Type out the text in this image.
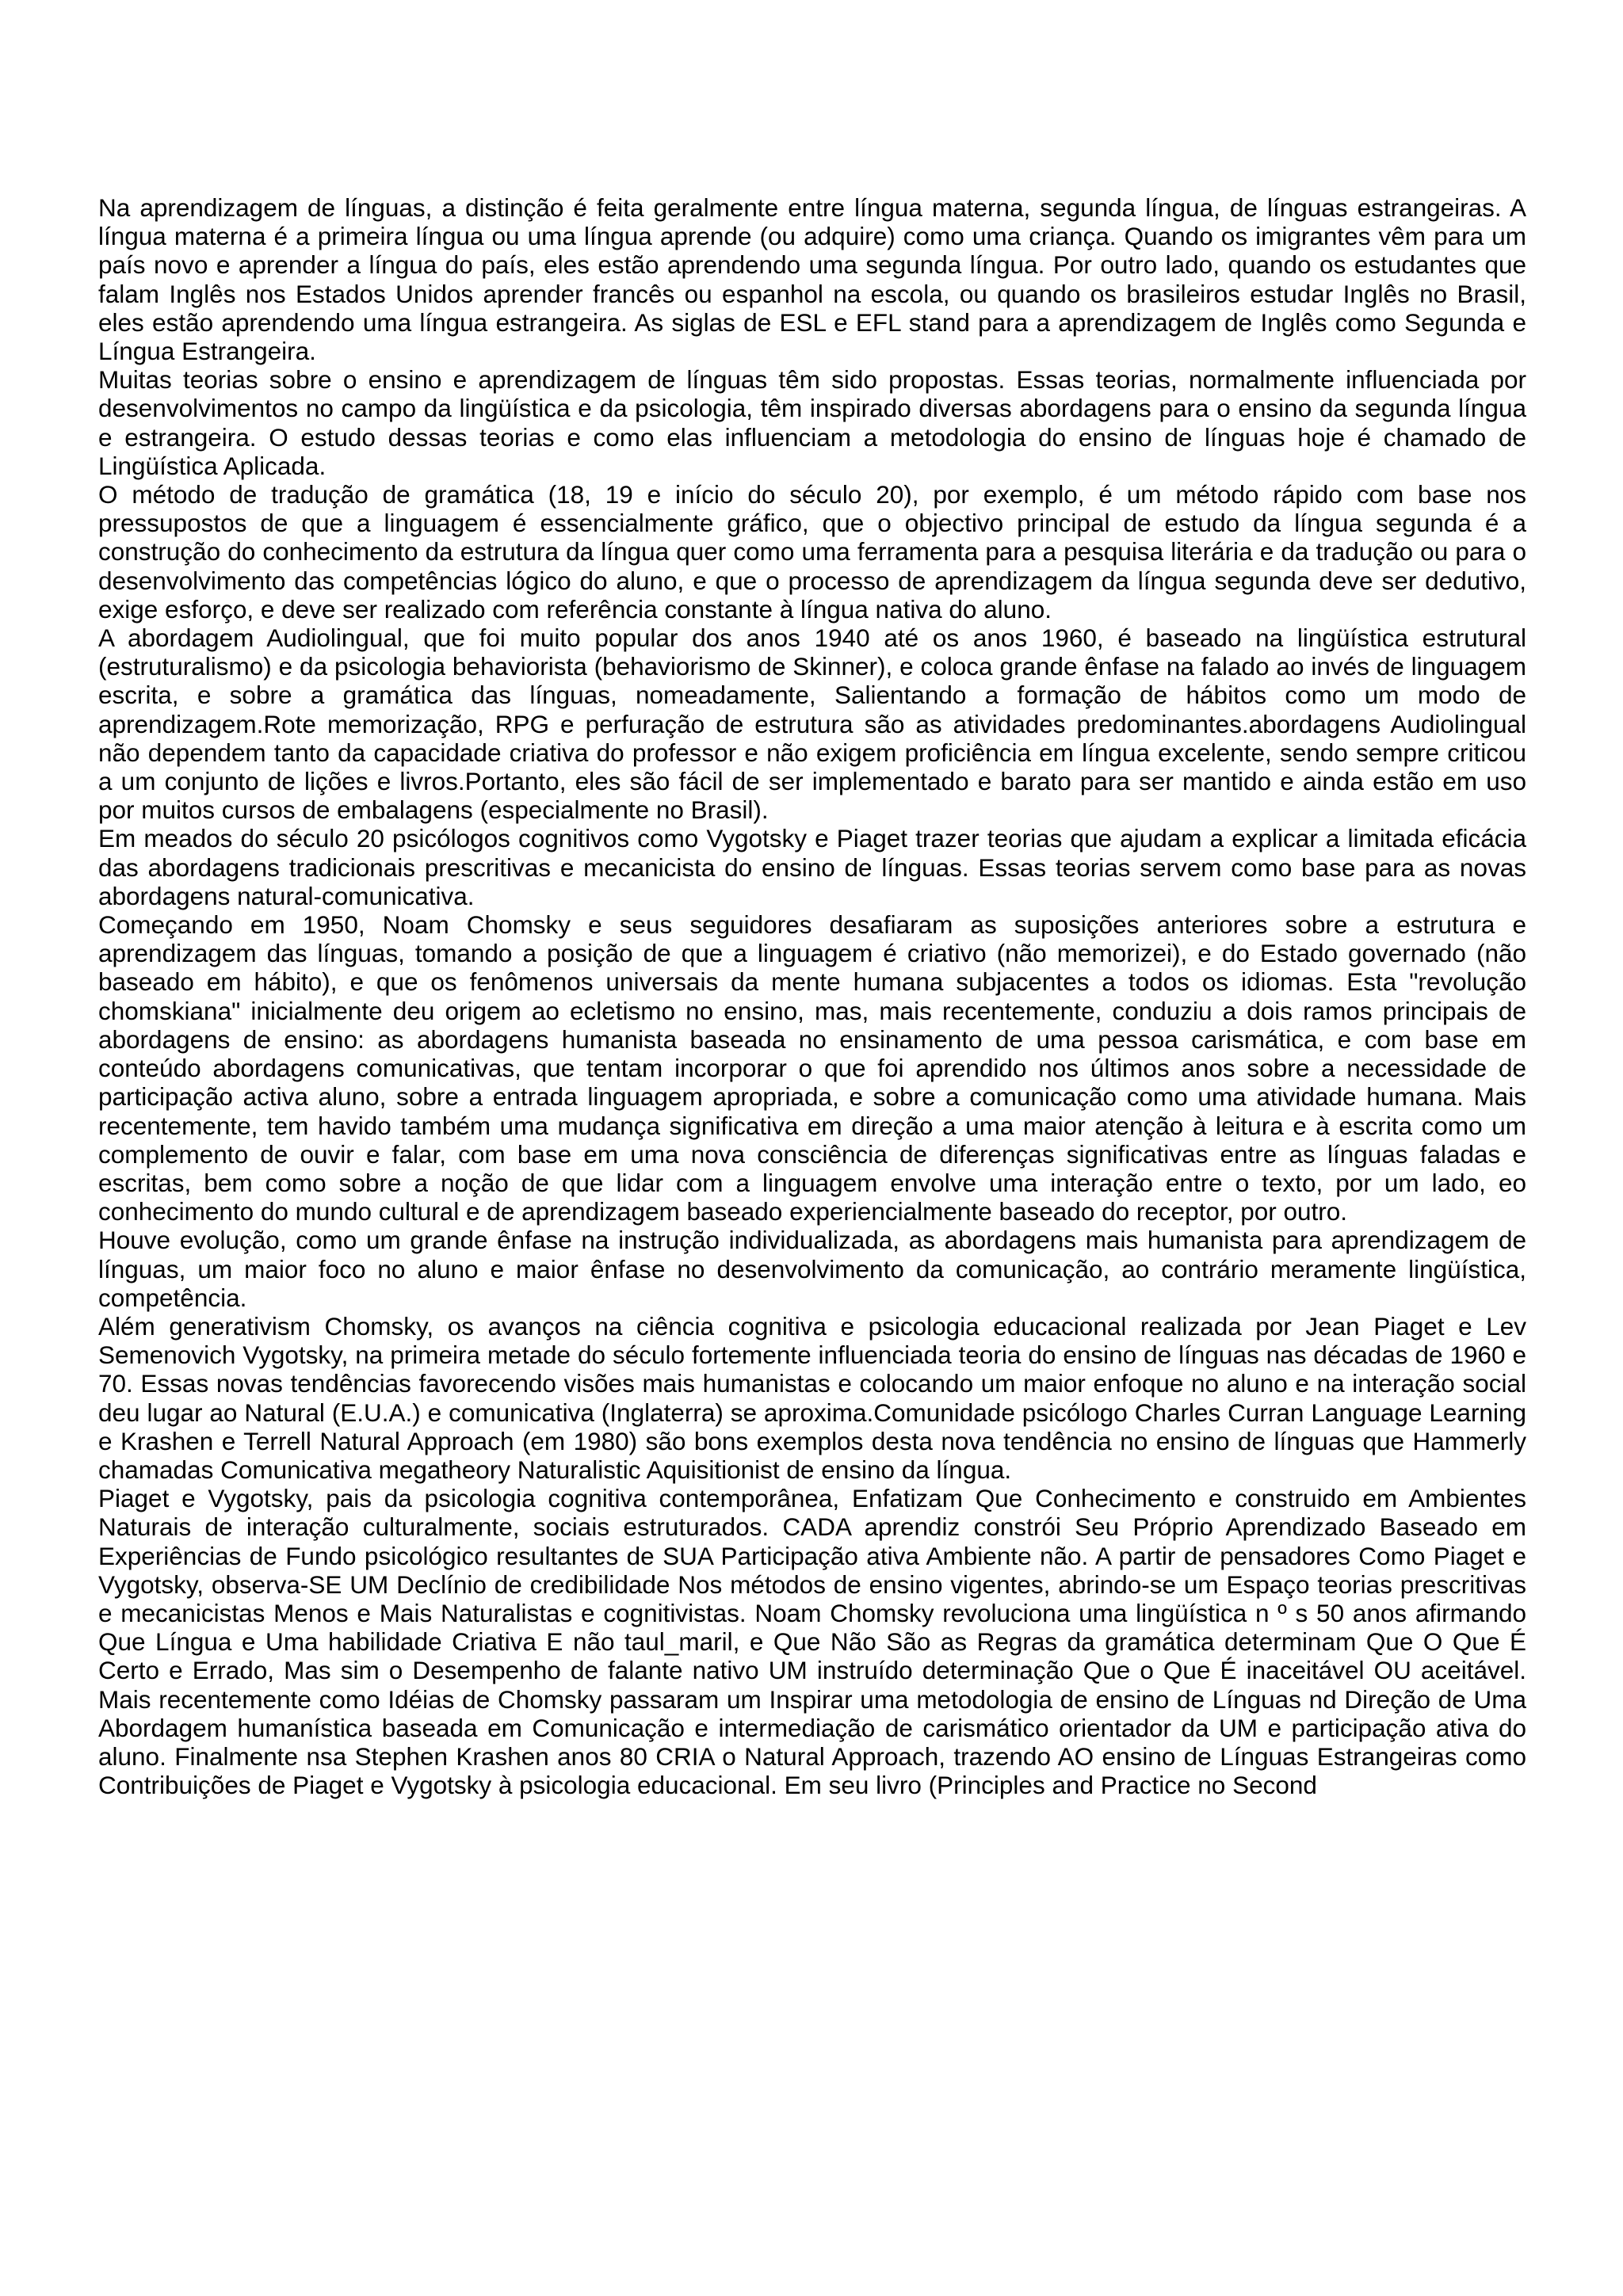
Na aprendizagem de línguas, a distinção é feita geralmente entre língua materna, segunda língua, de línguas estrangeiras. A língua materna é a primeira língua ou uma língua aprende (ou adquire) como uma criança. Quando os imigrantes vêm para um país novo e aprender a língua do país, eles estão aprendendo uma segunda língua. Por outro lado, quando os estudantes que falam Inglês nos Estados Unidos aprender francês ou espanhol na escola, ou quando os brasileiros estudar Inglês no Brasil, eles estão aprendendo uma língua estrangeira. As siglas de ESL e EFL stand para a aprendizagem de Inglês como Segunda e Língua Estrangeira.

Muitas teorias sobre o ensino e aprendizagem de línguas têm sido propostas. Essas teorias, normalmente influenciada por desenvolvimentos no campo da lingüística e da psicologia, têm inspirado diversas abordagens para o ensino da segunda língua e estrangeira. O estudo dessas teorias e como elas influenciam a metodologia do ensino de línguas hoje é chamado de Lingüística Aplicada.

O método de tradução de gramática (18, 19 e início do século 20), por exemplo, é um método rápido com base nos pressupostos de que a linguagem é essencialmente gráfico, que o objectivo principal de estudo da língua segunda é a construção do conhecimento da estrutura da língua quer como uma ferramenta para a pesquisa literária e da tradução ou para o desenvolvimento das competências lógico do aluno, e que o processo de aprendizagem da língua segunda deve ser dedutivo, exige esforço, e deve ser realizado com referência constante à língua nativa do aluno.

A abordagem Audiolingual, que foi muito popular dos anos 1940 até os anos 1960, é baseado na lingüística estrutural (estruturalismo) e da psicologia behaviorista (behaviorismo de Skinner), e coloca grande ênfase na falado ao invés de linguagem escrita, e sobre a gramática das línguas, nomeadamente, Salientando a formação de hábitos como um modo de aprendizagem.Rote memorização, RPG e perfuração de estrutura são as atividades predominantes.abordagens Audiolingual não dependem tanto da capacidade criativa do professor e não exigem proficiência em língua excelente, sendo sempre criticou a um conjunto de lições e livros.Portanto, eles são fácil de ser implementado e barato para ser mantido e ainda estão em uso por muitos cursos de embalagens (especialmente no Brasil).

Em meados do século 20 psicólogos cognitivos como Vygotsky e Piaget trazer teorias que ajudam a explicar a limitada eficácia das abordagens tradicionais prescritivas e mecanicista do ensino de línguas. Essas teorias servem como base para as novas abordagens natural-comunicativa.

Começando em 1950, Noam Chomsky e seus seguidores desafiaram as suposições anteriores sobre a estrutura e aprendizagem das línguas, tomando a posição de que a linguagem é criativo (não memorizei), e do Estado governado (não baseado em hábito), e que os fenômenos universais da mente humana subjacentes a todos os idiomas. Esta "revolução chomskiana" inicialmente deu origem ao ecletismo no ensino, mas, mais recentemente, conduziu a dois ramos principais de abordagens de ensino: as abordagens humanista baseada no ensinamento de uma pessoa carismática, e com base em conteúdo abordagens comunicativas, que tentam incorporar o que foi aprendido nos últimos anos sobre a necessidade de participação activa aluno, sobre a entrada linguagem apropriada, e sobre a comunicação como uma atividade humana. Mais recentemente, tem havido também uma mudança significativa em direção a uma maior atenção à leitura e à escrita como um complemento de ouvir e falar, com base em uma nova consciência de diferenças significativas entre as línguas faladas e escritas, bem como sobre a noção de que lidar com a linguagem envolve uma interação entre o texto, por um lado, eo conhecimento do mundo cultural e de aprendizagem baseado experiencialmente baseado do receptor, por outro.

Houve evolução, como um grande ênfase na instrução individualizada, as abordagens mais humanista para aprendizagem de línguas, um maior foco no aluno e maior ênfase no desenvolvimento da comunicação, ao contrário meramente lingüística, competência.

Além generativism Chomsky, os avanços na ciência cognitiva e psicologia educacional realizada por Jean Piaget e Lev Semenovich Vygotsky, na primeira metade do século fortemente influenciada teoria do ensino de línguas nas décadas de 1960 e 70. Essas novas tendências favorecendo visões mais humanistas e colocando um maior enfoque no aluno e na interação social deu lugar ao Natural (E.U.A.) e comunicativa (Inglaterra) se aproxima.Comunidade psicólogo Charles Curran Language Learning e Krashen e Terrell Natural Approach (em 1980) são bons exemplos desta nova tendência no ensino de línguas que Hammerly chamadas Comunicativa megatheory Naturalistic Aquisitionist de ensino da língua.

Piaget e Vygotsky, pais da psicologia cognitiva contemporânea, Enfatizam Que Conhecimento e construido em Ambientes Naturais de interação culturalmente, sociais estruturados. CADA aprendiz constrói Seu Próprio Aprendizado Baseado em Experiências de Fundo psicológico resultantes de SUA Participação ativa Ambiente não. A partir de pensadores Como Piaget e Vygotsky, observa-SE UM Declínio de credibilidade Nos métodos de ensino vigentes, abrindo-se um Espaço teorias prescritivas e mecanicistas Menos e Mais Naturalistas e cognitivistas. Noam Chomsky revoluciona uma lingüística n º s 50 anos afirmando Que Língua e Uma habilidade Criativa E não taul_maril, e Que Não São as Regras da gramática determinam Que O Que É Certo e Errado, Mas sim o Desempenho de falante nativo UM instruído determinação Que o Que É inaceitável OU aceitável. Mais recentemente como Idéias de Chomsky passaram um Inspirar uma metodologia de ensino de Línguas nd Direção de Uma Abordagem humanística baseada em Comunicação e intermediação de carismático orientador da UM e participação ativa do aluno. Finalmente nsa Stephen Krashen anos 80 CRIA o Natural Approach, trazendo AO ensino de Línguas Estrangeiras como Contribuições de Piaget e Vygotsky à psicologia educacional. Em seu livro (Principles and Practice no Second
